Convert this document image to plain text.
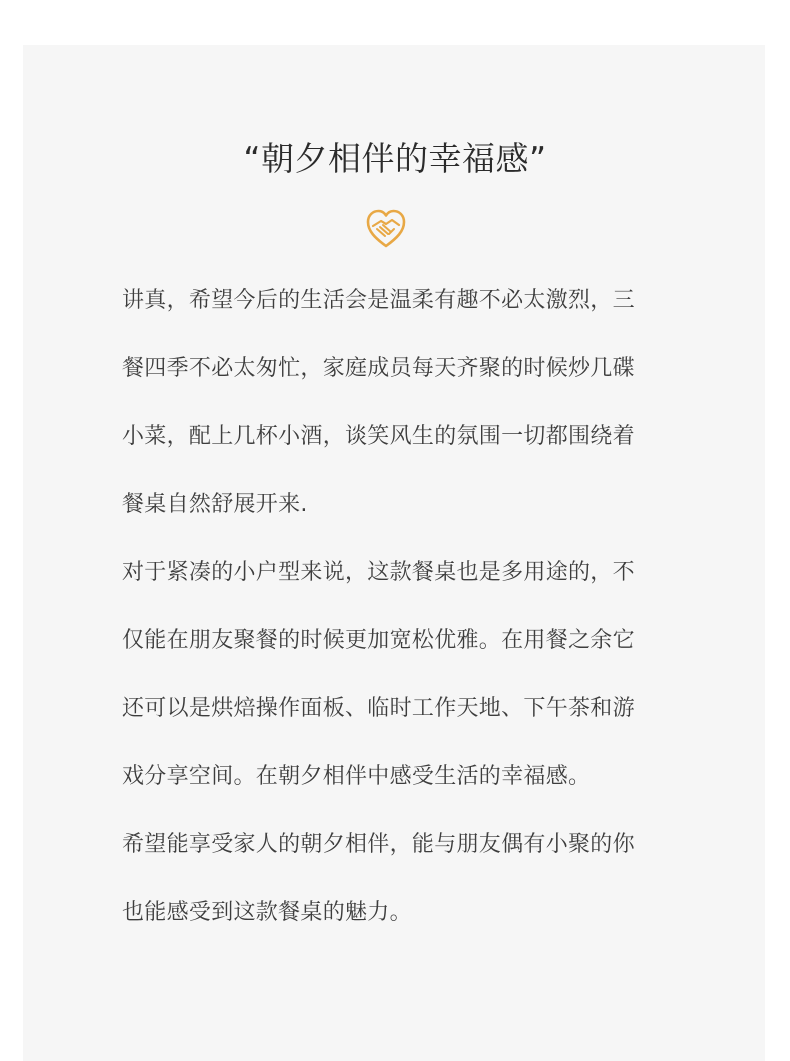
“朝夕相伴的幸福感”
讲真，希望今后的生活会是温柔有趣不必太激烈，三
餐四季不必太匆忙，家庭成员每天齐聚的时候炒几碟
小菜，配上几杯小酒，谈笑风生的氛围一切都围绕着
餐桌自然舒展开来.
对于紧凑的小户型来说，这款餐桌也是多用途的，不
仅能在朋友聚餐的时候更加宽松优雅。在用餐之余它
还可以是烘焙操作面板、临时工作天地、下午茶和游
戏分享空间。在朝夕相伴中感受生活的幸福感。
希望能享受家人的朝夕相伴，能与朋友偶有小聚的你
也能感受到这款餐桌的魅力。
